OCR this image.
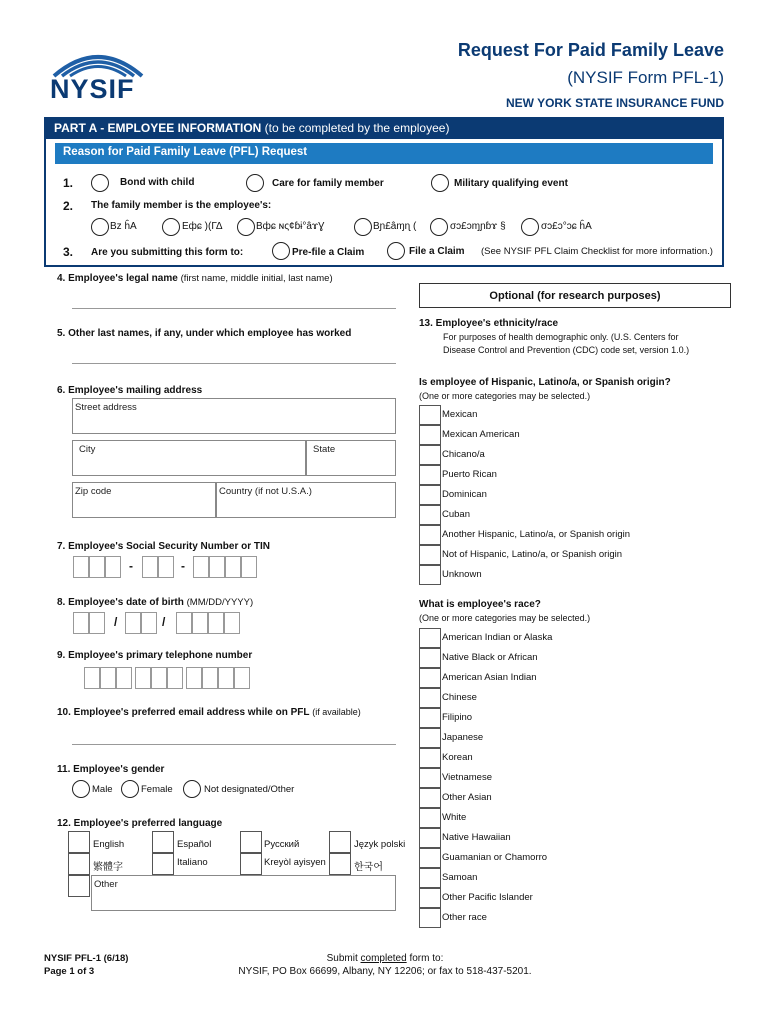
NYSIF
Request For Paid Family Leave
(NYSIF Form PFL-1)
NEW YORK STATE INSURANCE FUND
PART A - EMPLOYEE INFORMATION (to be completed by the employee)
Reason for Paid Family Leave (PFL) Request
1.	Bond with child	Care for family member	Military qualifying event
2. The family member is the employee's:
Bz ĥA	Eфɕ )(ΓΔ	Bфɕ ɴς¢ɓɨ°âɤƔ	Bɲ£âɱɳ (	σɔ£ɔɱɲɓɤ §	σɔ£ɔ°ɔɕ ĥA
3. Are you submitting this form to:	Pre-file a Claim	File a Claim (See NYSIF PFL Claim Checklist for more information.)
4. Employee's legal name (first name, middle initial, last name)
5. Other last names, if any, under which employee has worked
6. Employee's mailing address
Street address
City	State
Zip code	Country (if not U.S.A.)
7. Employee's Social Security Number or TIN
-	-
8. Employee's date of birth (MM/DD/YYYY)
/	/
9. Employee's primary telephone number
10. Employee's preferred email address while on PFL (if available)
11. Employee's gender
Male	Female	Not designated/Other
12. Employee's preferred language
English	Español	Русский	Język polski
繁體字	Italiano	Kreyòl ayisyen	한국어
Other
Optional (for research purposes)
13. Employee's ethnicity/race
For purposes of health demographic only. (U.S. Centers for
Disease Control and Prevention (CDC) code set, version 1.0.)
Is employee of Hispanic, Latino/a, or Spanish origin?
(One or more categories may be selected.)
Mexican
Mexican American
Chicano/a
Puerto Rican
Dominican
Cuban
Another Hispanic, Latino/a, or Spanish origin
Not of Hispanic, Latino/a, or Spanish origin
Unknown
What is employee's race?
(One or more categories may be selected.)
American Indian or Alaska
Native Black or African
American Asian Indian
Chinese
Filipino
Japanese
Korean
Vietnamese
Other Asian
White
Native Hawaiian
Guamanian or Chamorro
Samoan
Other Pacific Islander
Other race
NYSIF PFL-1 (6/18)
Page 1 of 3
Submit completed form to:
NYSIF, PO Box 66699, Albany, NY 12206; or fax to 518-437-5201.
